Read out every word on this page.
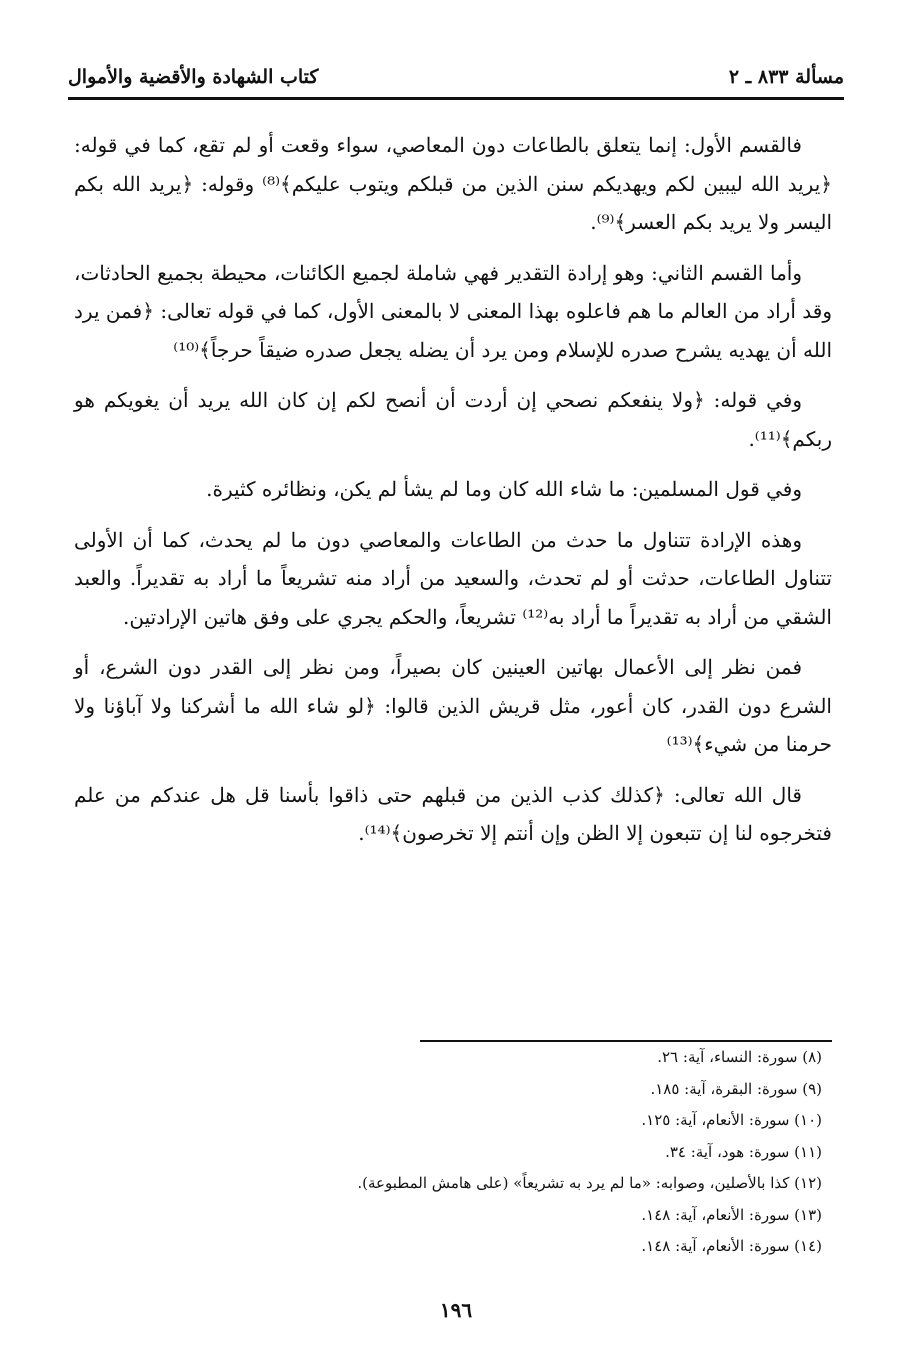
مسألة ٨٣٣ ـ ٢
كتاب الشهادة والأقضية والأموال

فالقسم الأول: إنما يتعلق بالطاعات دون المعاصي، سواء وقعت أو لم تقع، كما في قوله: ﴿يريد الله ليبين لكم ويهديكم سنن الذين من قبلكم ويتوب عليكم﴾⁽⁸⁾ وقوله: ﴿يريد الله بكم اليسر ولا يريد بكم العسر﴾⁽⁹⁾.

وأما القسم الثاني: وهو إرادة التقدير فهي شاملة لجميع الكائنات، محيطة بجميع الحادثات، وقد أراد من العالم ما هم فاعلوه بهذا المعنى لا بالمعنى الأول، كما في قوله تعالى: ﴿فمن يرد الله أن يهديه يشرح صدره للإسلام ومن يرد أن يضله يجعل صدره ضيقاً حرجاً﴾⁽¹⁰⁾

وفي قوله: ﴿ولا ينفعكم نصحي إن أردت أن أنصح لكم إن كان الله يريد أن يغويكم هو ربكم﴾⁽¹¹⁾.

وفي قول المسلمين: ما شاء الله كان وما لم يشأ لم يكن، ونظائره كثيرة.

وهذه الإرادة تتناول ما حدث من الطاعات والمعاصي دون ما لم يحدث، كما أن الأولى تتناول الطاعات، حدثت أو لم تحدث، والسعيد من أراد منه تشريعاً ما أراد به تقديراً. والعبد الشقي من أراد به تقديراً ما أراد به⁽¹²⁾ تشريعاً، والحكم يجري على وفق هاتين الإرادتين.

فمن نظر إلى الأعمال بهاتين العينين كان بصيراً، ومن نظر إلى القدر دون الشرع، أو الشرع دون القدر، كان أعور، مثل قريش الذين قالوا: ﴿لو شاء الله ما أشركنا ولا آباؤنا ولا حرمنا من شيء﴾⁽¹³⁾

قال الله تعالى: ﴿كذلك كذب الذين من قبلهم حتى ذاقوا بأسنا قل هل عندكم من علم فتخرجوه لنا إن تتبعون إلا الظن وإن أنتم إلا تخرصون﴾⁽¹⁴⁾.

(٨) سورة: النساء، آية: ٢٦.

(٩) سورة: البقرة، آية: ١٨٥.

(١٠) سورة: الأنعام، آية: ١٢٥.

(١١) سورة: هود، آية: ٣٤.

(١٢) كذا بالأصلين، وصوابه: «ما لم يرد به تشريعاً» (على هامش المطبوعة).

(١٣) سورة: الأنعام، آية: ١٤٨.

(١٤) سورة: الأنعام، آية: ١٤٨.

١٩٦
